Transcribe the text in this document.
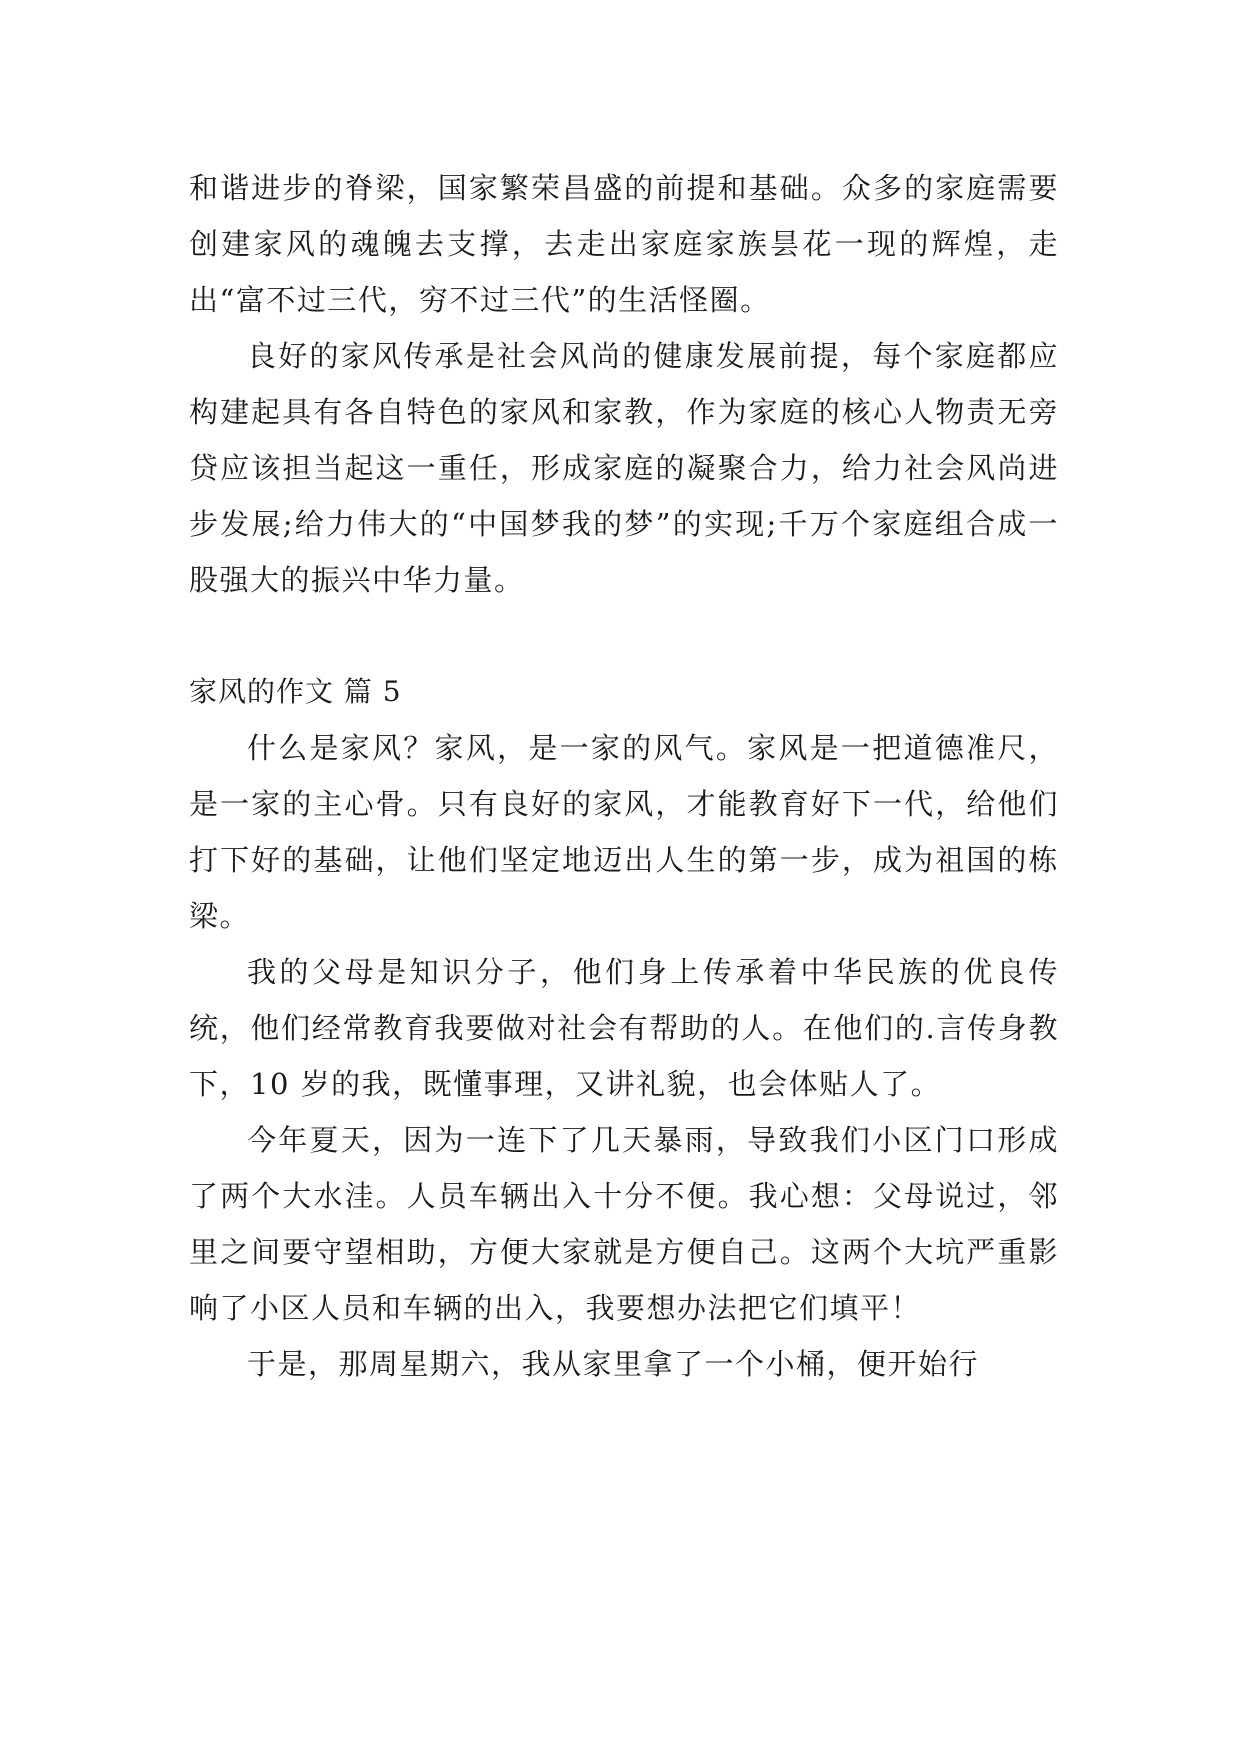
和谐进步的脊梁，国家繁荣昌盛的前提和基础。众多的家庭需要创建家风的魂魄去支撑，去走出家庭家族昙花一现的辉煌，走出“富不过三代，穷不过三代”的生活怪圈。

良好的家风传承是社会风尚的健康发展前提，每个家庭都应构建起具有各自特色的家风和家教，作为家庭的核心人物责无旁贷应该担当起这一重任，形成家庭的凝聚合力，给力社会风尚进步发展;给力伟大的“中国梦我的梦”的实现;千万个家庭组合成一股强大的振兴中华力量。

家风的作文 篇 5

什么是家风？家风，是一家的风气。家风是一把道德准尺，是一家的主心骨。只有良好的家风，才能教育好下一代，给他们打下好的基础，让他们坚定地迈出人生的第一步，成为祖国的栋梁。

我的父母是知识分子，他们身上传承着中华民族的优良传统，他们经常教育我要做对社会有帮助的人。在他们的.言传身教下，10 岁的我，既懂事理，又讲礼貌，也会体贴人了。

今年夏天，因为一连下了几天暴雨，导致我们小区门口形成了两个大水洼。人员车辆出入十分不便。我心想：父母说过，邻里之间要守望相助，方便大家就是方便自己。这两个大坑严重影响了小区人员和车辆的出入，我要想办法把它们填平！

于是，那周星期六，我从家里拿了一个小桶，便开始行
